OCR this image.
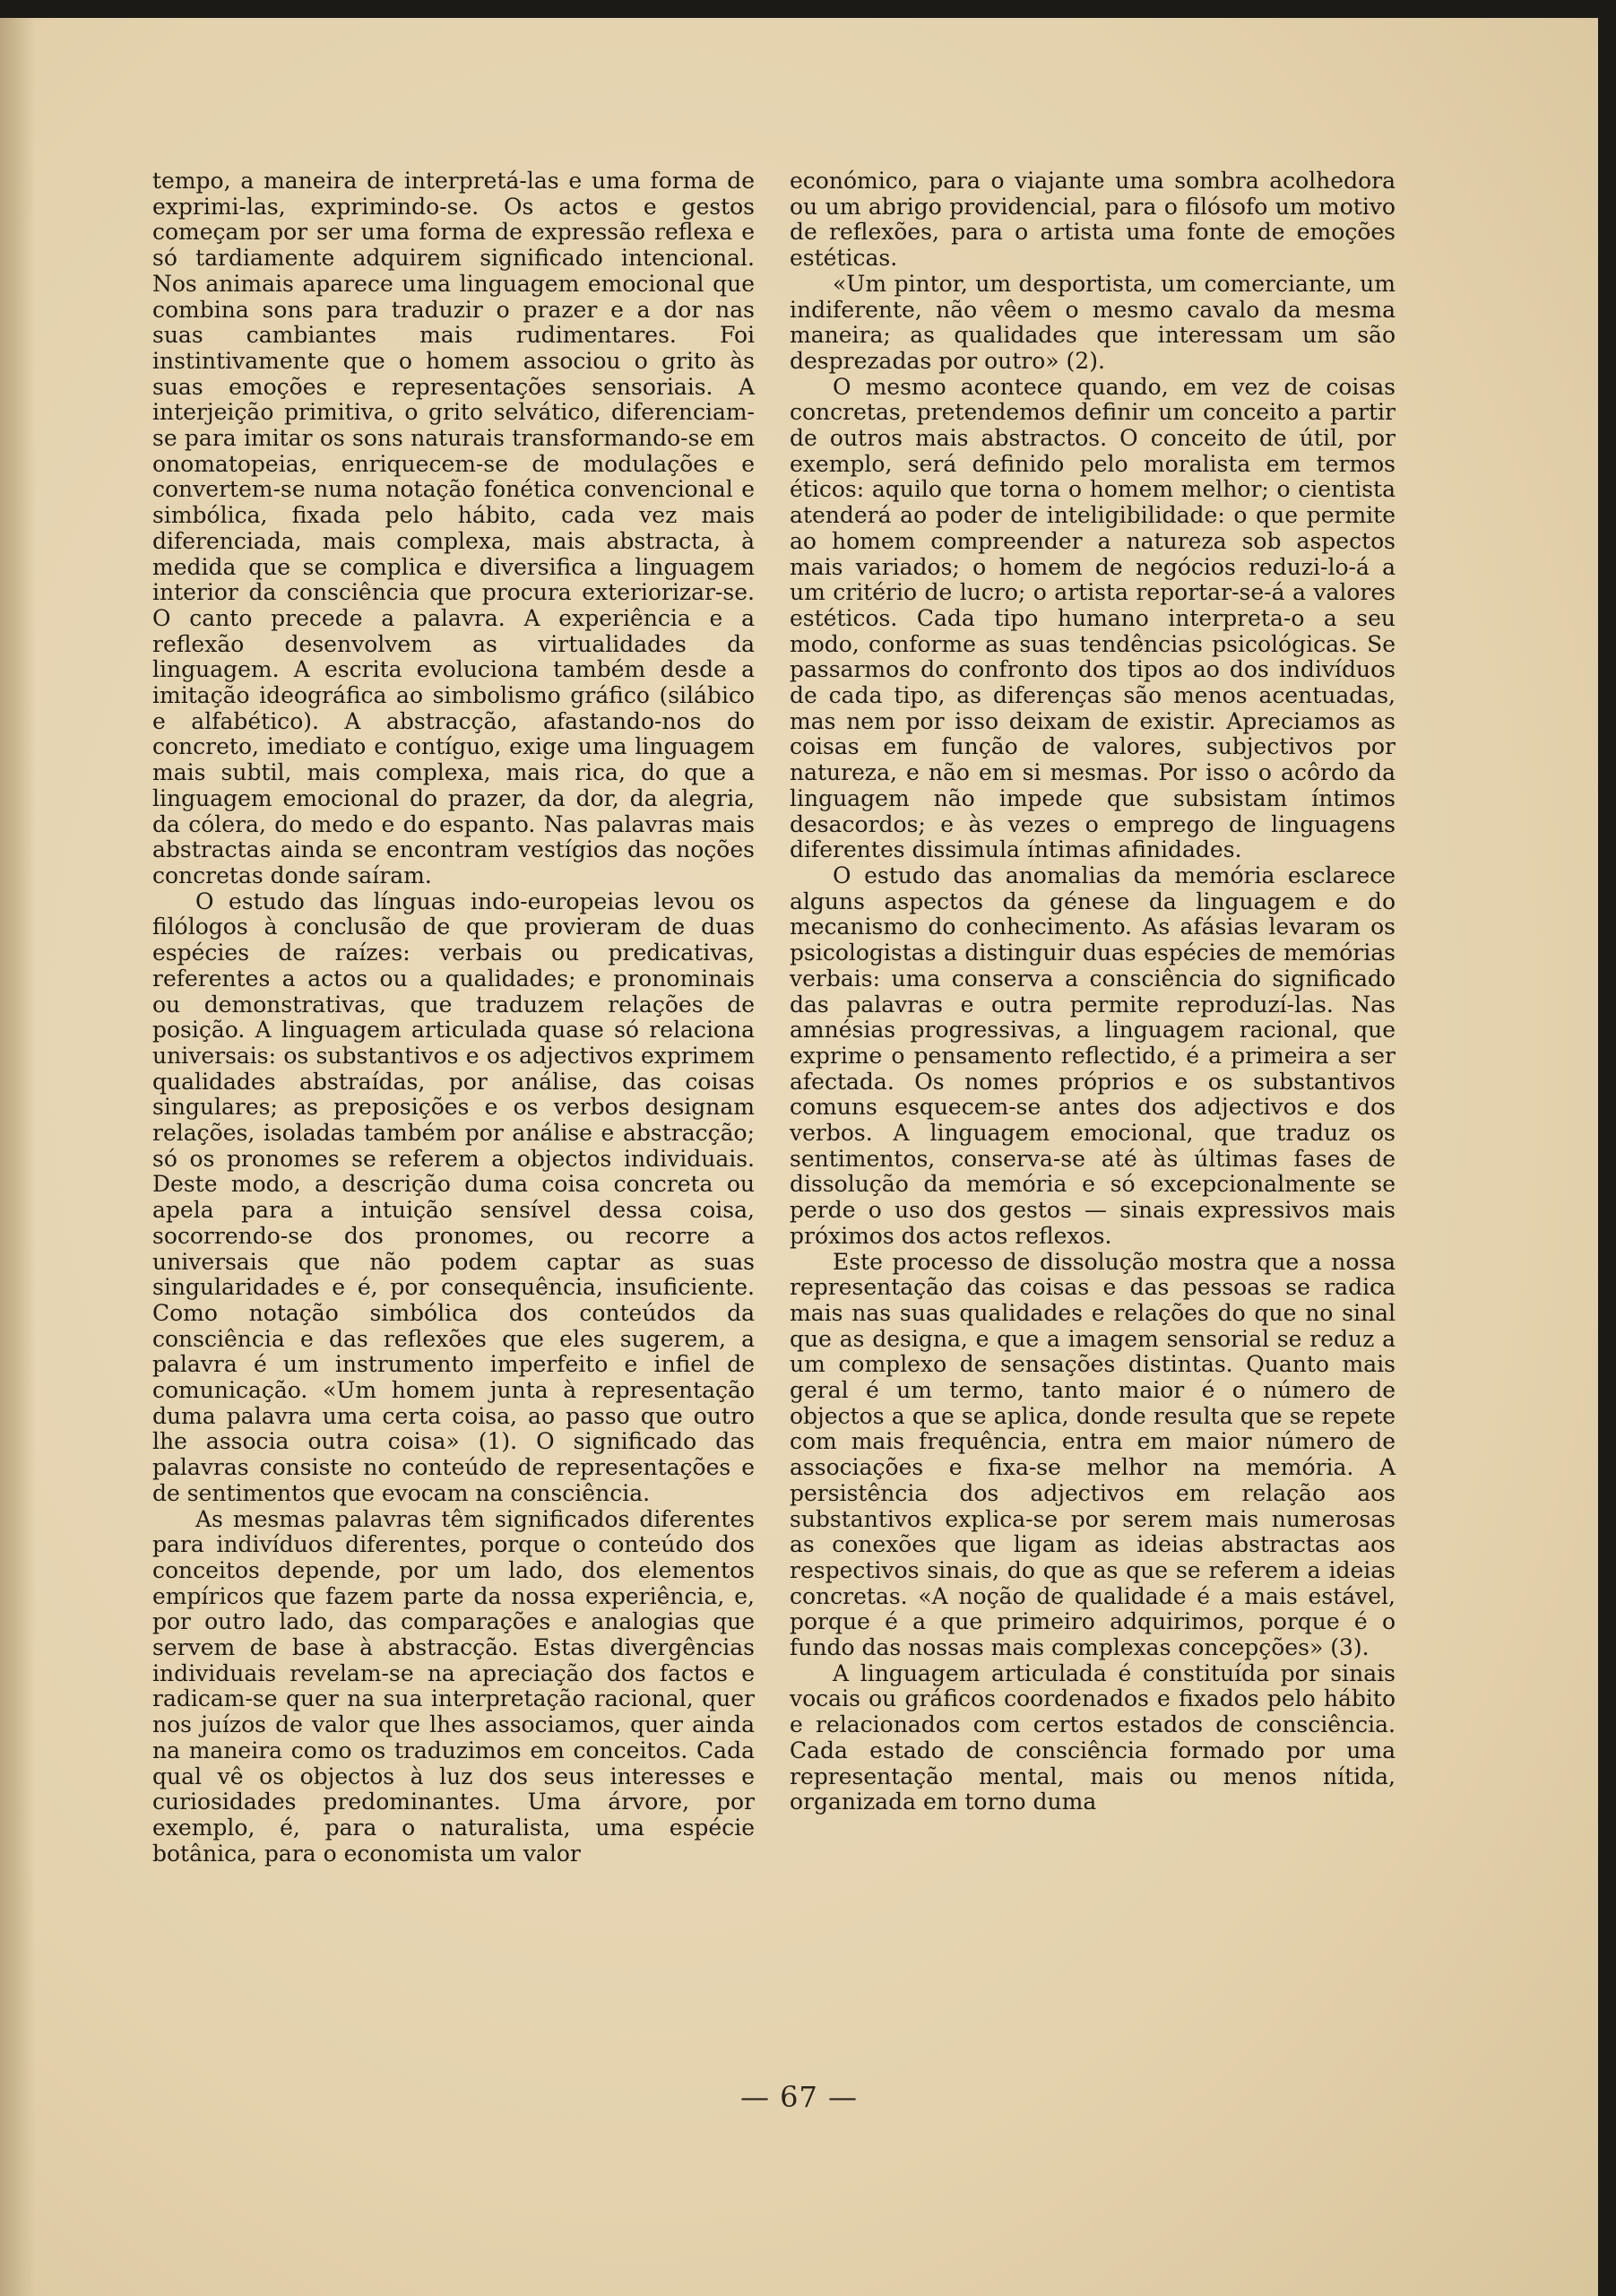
tempo, a maneira de interpretá-las e uma forma de exprimi-las, exprimindo-se. Os actos e gestos começam por ser uma forma de expressão reflexa e só tardiamente adquirem significado intencional. Nos animais aparece uma linguagem emocional que combina sons para traduzir o prazer e a dor nas suas cambiantes mais rudimentares. Foi instintivamente que o homem associou o grito às suas emoções e representações sensoriais. A interjeição primitiva, o grito selvático, diferenciam-se para imitar os sons naturais transformando-se em onomatopeias, enriquecem-se de modulações e convertem-se numa notação fonética convencional e simbólica, fixada pelo hábito, cada vez mais diferenciada, mais complexa, mais abstracta, à medida que se complica e diversifica a linguagem interior da consciência que procura exteriorizar-se. O canto precede a palavra. A experiência e a reflexão desenvolvem as virtualidades da linguagem. A escrita evoluciona também desde a imitação ideográfica ao simbolismo gráfico (silábico e alfabético). A abstracção, afastando-nos do concreto, imediato e contíguo, exige uma linguagem mais subtil, mais complexa, mais rica, do que a linguagem emocional do prazer, da dor, da alegria, da cólera, do medo e do espanto. Nas palavras mais abstractas ainda se encontram vestígios das noções concretas donde saíram.

O estudo das línguas indo-europeias levou os filólogos à conclusão de que provieram de duas espécies de raízes: verbais ou predicativas, referentes a actos ou a qualidades; e pronominais ou demonstrativas, que traduzem relações de posição. A linguagem articulada quase só relaciona universais: os substantivos e os adjectivos exprimem qualidades abstraídas, por análise, das coisas singulares; as preposições e os verbos designam relações, isoladas também por análise e abstracção; só os pronomes se referem a objectos individuais. Deste modo, a descrição duma coisa concreta ou apela para a intuição sensível dessa coisa, socorrendo-se dos pronomes, ou recorre a universais que não podem captar as suas singularidades e é, por consequência, insuficiente. Como notação simbólica dos conteúdos da consciência e das reflexões que eles sugerem, a palavra é um instrumento imperfeito e infiel de comunicação. «Um homem junta à representação duma palavra uma certa coisa, ao passo que outro lhe associa outra coisa» (1). O significado das palavras consiste no conteúdo de representações e de sentimentos que evocam na consciência.

As mesmas palavras têm significados diferentes para indivíduos diferentes, porque o conteúdo dos conceitos depende, por um lado, dos elementos empíricos que fazem parte da nossa experiência, e, por outro lado, das comparações e analogias que servem de base à abstracção. Estas divergências individuais revelam-se na apreciação dos factos e radicam-se quer na sua interpretação racional, quer nos juízos de valor que lhes associamos, quer ainda na maneira como os traduzimos em conceitos. Cada qual vê os objectos à luz dos seus interesses e curiosidades predominantes. Uma árvore, por exemplo, é, para o naturalista, uma espécie botânica, para o economista um valor

económico, para o viajante uma sombra acolhedora ou um abrigo providencial, para o filósofo um motivo de reflexões, para o artista uma fonte de emoções estéticas.

«Um pintor, um desportista, um comerciante, um indiferente, não vêem o mesmo cavalo da mesma maneira; as qualidades que interessam um são desprezadas por outro» (2).

O mesmo acontece quando, em vez de coisas concretas, pretendemos definir um conceito a partir de outros mais abstractos. O conceito de útil, por exemplo, será definido pelo moralista em termos éticos: aquilo que torna o homem melhor; o cientista atenderá ao poder de inteligibilidade: o que permite ao homem compreender a natureza sob aspectos mais variados; o homem de negócios reduzi-lo-á a um critério de lucro; o artista reportar-se-á a valores estéticos. Cada tipo humano interpreta-o a seu modo, conforme as suas tendências psicológicas. Se passarmos do confronto dos tipos ao dos indivíduos de cada tipo, as diferenças são menos acentuadas, mas nem por isso deixam de existir. Apreciamos as coisas em função de valores, subjectivos por natureza, e não em si mesmas. Por isso o acôrdo da linguagem não impede que subsistam íntimos desacordos; e às vezes o emprego de linguagens diferentes dissimula íntimas afinidades.

O estudo das anomalias da memória esclarece alguns aspectos da génese da linguagem e do mecanismo do conhecimento. As afásias levaram os psicologistas a distinguir duas espécies de memórias verbais: uma conserva a consciência do significado das palavras e outra permite reproduzí-las. Nas amnésias progressivas, a linguagem racional, que exprime o pensamento reflectido, é a primeira a ser afectada. Os nomes próprios e os substantivos comuns esquecem-se antes dos adjectivos e dos verbos. A linguagem emocional, que traduz os sentimentos, conserva-se até às últimas fases de dissolução da memória e só excepcionalmente se perde o uso dos gestos — sinais expressivos mais próximos dos actos reflexos.

Este processo de dissolução mostra que a nossa representação das coisas e das pessoas se radica mais nas suas qualidades e relações do que no sinal que as designa, e que a imagem sensorial se reduz a um complexo de sensações distintas. Quanto mais geral é um termo, tanto maior é o número de objectos a que se aplica, donde resulta que se repete com mais frequência, entra em maior número de associações e fixa-se melhor na memória. A persistência dos adjectivos em relação aos substantivos explica-se por serem mais numerosas as conexões que ligam as ideias abstractas aos respectivos sinais, do que as que se referem a ideias concretas. «A noção de qualidade é a mais estável, porque é a que primeiro adquirimos, porque é o fundo das nossas mais complexas concepções» (3).

A linguagem articulada é constituída por sinais vocais ou gráficos coordenados e fixados pelo hábito e relacionados com certos estados de consciência. Cada estado de consciência formado por uma representação mental, mais ou menos nítida, organizada em torno duma

— 67 —
